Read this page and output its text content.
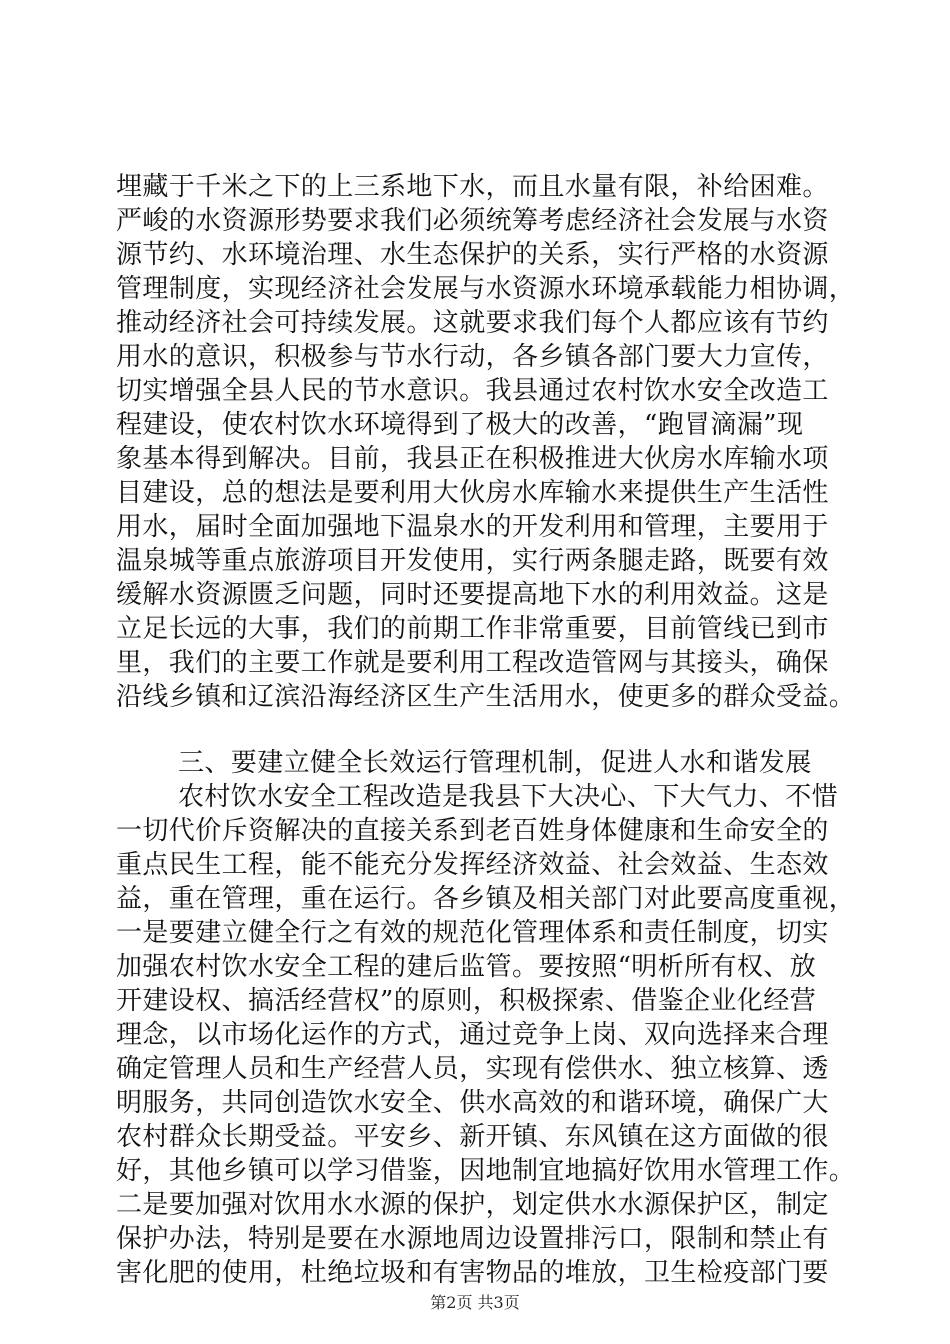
埋藏于千米之下的上三系地下水，而且水量有限，补给困难。
严峻的水资源形势要求我们必须统筹考虑经济社会发展与水资
源节约、水环境治理、水生态保护的关系，实行严格的水资源
管理制度，实现经济社会发展与水资源水环境承载能力相协调，
推动经济社会可持续发展。这就要求我们每个人都应该有节约
用水的意识，积极参与节水行动，各乡镇各部门要大力宣传，
切实增强全县人民的节水意识。我县通过农村饮水安全改造工
程建设，使农村饮水环境得到了极大的改善，“跑冒滴漏”现
象基本得到解决。目前，我县正在积极推进大伙房水库输水项
目建设，总的想法是要利用大伙房水库输水来提供生产生活性
用水，届时全面加强地下温泉水的开发利用和管理，主要用于
温泉城等重点旅游项目开发使用，实行两条腿走路，既要有效
缓解水资源匮乏问题，同时还要提高地下水的利用效益。这是
立足长远的大事，我们的前期工作非常重要，目前管线已到市
里，我们的主要工作就是要利用工程改造管网与其接头，确保
沿线乡镇和辽滨沿海经济区生产生活用水，使更多的群众受益。
三、要建立健全长效运行管理机制，促进人水和谐发展
农村饮水安全工程改造是我县下大决心、下大气力、不惜
一切代价斥资解决的直接关系到老百姓身体健康和生命安全的
重点民生工程，能不能充分发挥经济效益、社会效益、生态效
益，重在管理，重在运行。各乡镇及相关部门对此要高度重视，
一是要建立健全行之有效的规范化管理体系和责任制度，切实
加强农村饮水安全工程的建后监管。要按照“明析所有权、放
开建设权、搞活经营权”的原则，积极探索、借鉴企业化经营
理念，以市场化运作的方式，通过竞争上岗、双向选择来合理
确定管理人员和生产经营人员，实现有偿供水、独立核算、透
明服务，共同创造饮水安全、供水高效的和谐环境，确保广大
农村群众长期受益。平安乡、新开镇、东风镇在这方面做的很
好，其他乡镇可以学习借鉴，因地制宜地搞好饮用水管理工作。
二是要加强对饮用水水源的保护，划定供水水源保护区，制定
保护办法，特别是要在水源地周边设置排污口，限制和禁止有
害化肥的使用，杜绝垃圾和有害物品的堆放，卫生检疫部门要
第2页 共3页
